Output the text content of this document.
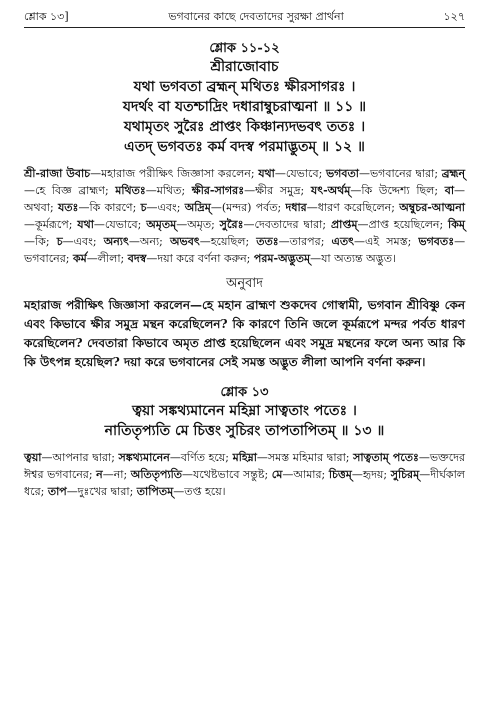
শ্লোক ১৩]	ভগবানের কাছে দেবতাদের সুরক্ষা প্রার্থনা	১২৭
শ্লোক ১১-১২
শ্রীরাজোবাচ
যথা ভগবতা ব্রহ্মন্ মথিতঃ ক্ষীরসাগরঃ ।
যদর্থং বা যতশ্চাদ্রিং দধারাম্বুচরাত্মনা ॥ ১১ ॥
যথামৃতং সুরৈঃ প্রাপ্তং কিঞ্চান্যদভবৎ ততঃ ।
এতদ্ ভগবতঃ কর্ম বদস্ব পরমাদ্ভুতম্ ॥ ১২ ॥
শ্রী-রাজা উবাচ—মহারাজ পরীক্ষিৎ জিজ্ঞাসা করলেন; যথা—যেভাবে; ভগবতা—ভগবানের দ্বারা; ব্রহ্মন্—হে বিজ্ঞ ব্রাহ্মণ; মথিতঃ—মথিত; ক্ষীর-সাগরঃ—ক্ষীর সমুদ্র; যৎ-অর্থম্—কি উদ্দেশ্য ছিল; বা—অথবা; যতঃ—কি কারণে; চ—এবং; অদ্রিম্—(মন্দর) পর্বত; দধার—ধারণ করেছিলেন; অম্বুচর-আত্মনা—কূর্মরূপে; যথা—যেভাবে; অমৃতম্—অমৃত; সুরৈঃ—দেবতাদের দ্বারা; প্রাপ্তম্—প্রাপ্ত হয়েছিলেন; কিম্—কি; চ—এবং; অন্যৎ—অন্য; অভবৎ—হয়েছিল; ততঃ—তারপর; এতৎ—এই সমস্ত; ভগবতঃ—ভগবানের; কর্ম—লীলা; বদস্ব—দয়া করে বর্ণনা করুন; পরম-অদ্ভুতম্—যা অত্যন্ত অদ্ভুত।
অনুবাদ
মহারাজ পরীক্ষিৎ জিজ্ঞাসা করলেন—হে মহান ব্রাহ্মণ শুকদেব গোস্বামী, ভগবান শ্রীবিষ্ণু কেন এবং কিভাবে ক্ষীর সমুদ্র মন্থন করেছিলেন? কি কারণে তিনি জলে কূর্মরূপে মন্দর পর্বত ধারণ করেছিলেন? দেবতারা কিভাবে অমৃত প্রাপ্ত হয়েছিলেন এবং সমুদ্র মন্থনের ফলে অন্য আর কি কি উৎপন্ন হয়েছিল? দয়া করে ভগবানের সেই সমস্ত অদ্ভুত লীলা আপনি বর্ণনা করুন।
শ্লোক ১৩
ত্বয়া সঙ্কথ্যমানেন মহিম্না সাত্বতাং পতেঃ ।
নাতিতৃপ্যতি মে চিত্তং সুচিরং তাপতাপিতম্ ॥ ১৩ ॥
ত্বয়া—আপনার দ্বারা; সঙ্কথ্যমানেন—বর্ণিত হয়ে; মহিম্না—সমস্ত মহিমার দ্বারা; সাত্বতাম্ পতেঃ—ভক্তদের ঈশ্বর ভগবানের; ন—না; অতিতৃপ্যতি—যথেষ্টভাবে সন্তুষ্ট; মে—আমার; চিত্তম্—হৃদয়; সুচিরম্—দীর্ঘকাল ধরে; তাপ—দুঃখের দ্বারা; তাপিতম্—তপ্ত হয়ে।
